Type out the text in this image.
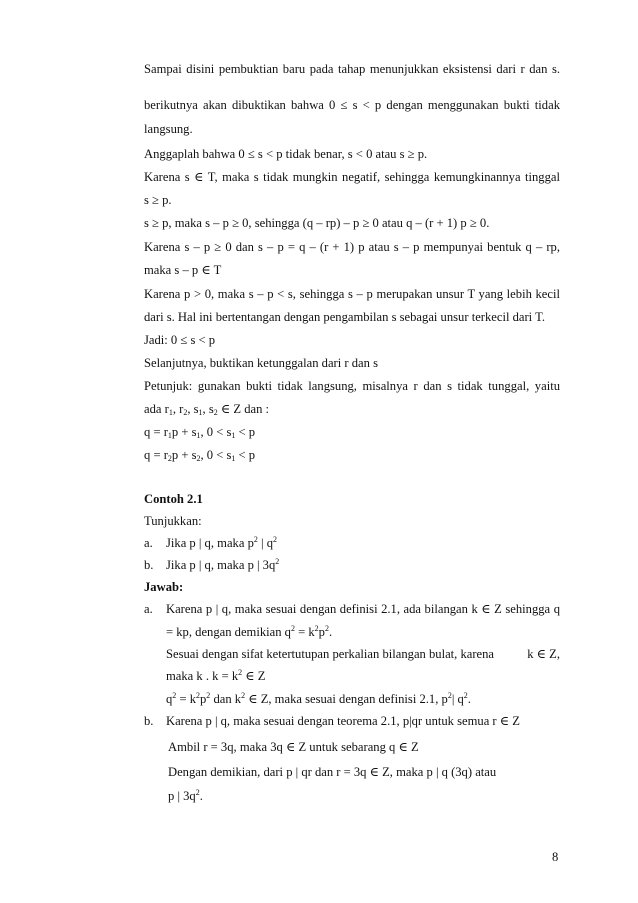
Sampai disini pembuktian baru pada tahap menunjukkan eksistensi dari r dan s.
berikutnya akan dibuktikan bahwa 0 ≤ s < p dengan menggunakan bukti tidak
langsung.
Anggaplah bahwa 0 ≤ s < p tidak benar, s < 0 atau s ≥ p.
Karena s ∈ T, maka s tidak mungkin negatif, sehingga kemungkinannya tinggal
s ≥ p.
s ≥ p, maka s – p ≥ 0, sehingga (q – rp) – p ≥ 0 atau q – (r + 1) p ≥ 0.
Karena s – p ≥ 0 dan s – p = q – (r + 1) p atau s – p mempunyai bentuk q – rp,
maka s – p ∈ T
Karena p > 0, maka s – p < s, sehingga s – p merupakan unsur T yang lebih kecil
dari s. Hal ini bertentangan dengan pengambilan s sebagai unsur terkecil dari T.
Jadi: 0 ≤ s < p
Selanjutnya, buktikan ketunggalan dari r dan s
Petunjuk: gunakan bukti tidak langsung, misalnya r dan s tidak tunggal, yaitu
ada $r_1$, $r_2$, $s_1$, $s_2$ ∈ Z dan :
$q = r_1p + s_1$, $0 < s_1 < p$
$q = r_2p + s_2$, $0 < s_1 < p$
Contoh 2.1
Tunjukkan:
a. Jika p | q, maka $p^2$ | $q^2$
b. Jika p | q, maka p | $3q^2$
Jawab:
a.	Karena p | q, maka sesuai dengan definisi 2.1, ada bilangan k ∈ Z sehingga q
= kp, dengan demikian $q^2 = k^2p^2$.
Sesuai dengan sifat ketertutupan perkalian bilangan bulat, karena	k ∈ Z,
maka k . $k = k^2$ ∈ Z
$q^2 = k^2p^2$ dan $k^2$ ∈ Z, maka sesuai dengan definisi 2.1, $p^2|$ $q^2$.
b. Karena p | q, maka sesuai dengan teorema 2.1, p|qr untuk semua r ∈ Z
Ambil r = 3q, maka 3q ∈ Z untuk sebarang q ∈ Z
Dengan demikian, dari p | qr dan r = 3q ∈ Z, maka p | q (3q) atau
p | $3q^2$.
8
